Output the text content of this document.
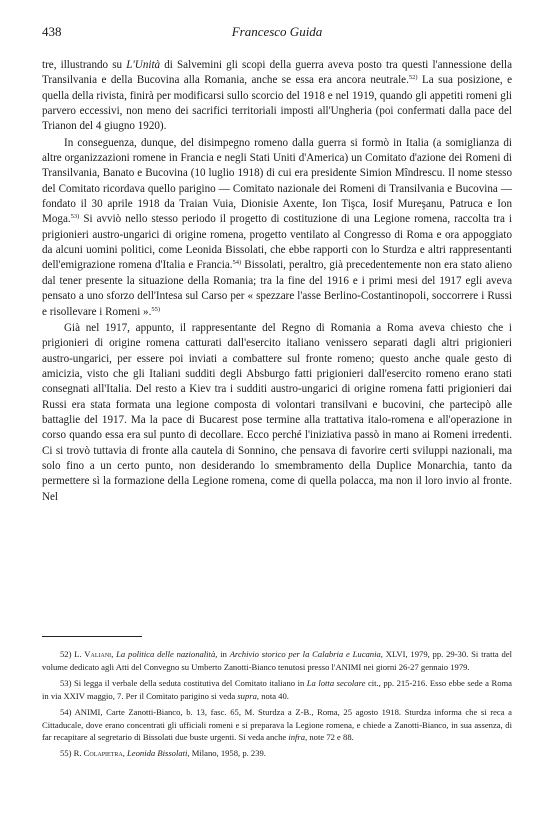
438	Francesco Guida

tre, illustrando su L'Unità di Salvemini gli scopi della guerra aveva posto tra questi l'annessione della Transilvania e della Bucovina alla Romania, anche se essa era ancora neutrale.$^{52)}$ La sua posizione, e quella della rivista, finirà per modificarsi sullo scorcio del 1918 e nel 1919, quando gli appetiti romeni gli parvero eccessivi, non meno dei sacrifici territoriali imposti all'Ungheria (poi confermati dalla pace del Trianon del 4 giugno 1920).

In conseguenza, dunque, del disimpegno romeno dalla guerra si formò in Italia (a somiglianza di altre organizzazioni romene in Francia e negli Stati Uniti d'America) un Comitato d'azione dei Romeni di Transilvania, Banato e Bucovina (10 luglio 1918) di cui era presidente Simion Mîndrescu. Il nome stesso del Comitato ricordava quello parigino — Comitato nazionale dei Romeni di Transilvania e Bucovina — fondato il 30 aprile 1918 da Traian Vuia, Dionisie Axente, Ion Tişca, Iosif Mureşanu, Patruca e Ion Moga.$^{53)}$ Si avviò nello stesso periodo il progetto di costituzione di una Legione romena, raccolta tra i prigionieri austro-ungarici di origine romena, progetto ventilato al Congresso di Roma e ora appoggiato da alcuni uomini politici, come Leonida Bissolati, che ebbe rapporti con lo Sturdza e altri rappresentanti dell'emigrazione romena d'Italia e Francia.$^{54)}$ Bissolati, peraltro, già precedentemente non era stato alieno dal tener presente la situazione della Romania; tra la fine del 1916 e i primi mesi del 1917 egli aveva pensato a uno sforzo dell'Intesa sul Carso per « spezzare l'asse Berlino-Costantinopoli, soccorrere i Russi e risollevare i Romeni ».$^{55)}$

Già nel 1917, appunto, il rappresentante del Regno di Romania a Roma aveva chiesto che i prigionieri di origine romena catturati dall'esercito italiano venissero separati dagli altri prigionieri austro-ungarici, per essere poi inviati a combattere sul fronte romeno; questo anche quale gesto di amicizia, visto che gli Italiani sudditi degli Absburgo fatti prigionieri dall'esercito romeno erano stati consegnati all'Italia. Del resto a Kiev tra i sudditi austro-ungarici di origine romena fatti prigionieri dai Russi era stata formata una legione composta di volontari transilvani e bucovini, che partecipò alle battaglie del 1917. Ma la pace di Bucarest pose termine alla trattativa italo-romena e all'operazione in corso quando essa era sul punto di decollare. Ecco perché l'iniziativa passò in mano ai Romeni irredenti. Ci si trovò tuttavia di fronte alla cautela di Sonnino, che pensava di favorire certi sviluppi nazionali, ma solo fino a un certo punto, non desiderando lo smembramento della Duplice Monarchia, tanto da permettere sì la formazione della Legione romena, come di quella polacca, ma non il loro invio al fronte. Nel

52) L. Valiani, La politica delle nazionalità, in Archivio storico per la Calabria e Lucania, XLVI, 1979, pp. 29-30. Si tratta del volume dedicato agli Atti del Convegno su Umberto Zanotti-Bianco tenutosi presso l'ANIMI nei giorni 26-27 gennaio 1979.

53) Si legga il verbale della seduta costitutiva del Comitato italiano in La lotta secolare cit., pp. 215-216. Esso ebbe sede a Roma in via XXIV maggio, 7. Per il Comitato parigino si veda supra, nota 40.

54) ANIMI, Carte Zanotti-Bianco, b. 13, fasc. 65, M. Sturdza a Z-B., Roma, 25 agosto 1918. Sturdza informa che si reca a Cittaducale, dove erano concentrati gli ufficiali romeni e si preparava la Legione romena, e chiede a Zanotti-Bianco, in sua assenza, di far recapitare al segretario di Bissolati due buste urgenti. Si veda anche infra, note 72 e 88.

55) R. Colapietra, Leonida Bissolati, Milano, 1958, p. 239.
